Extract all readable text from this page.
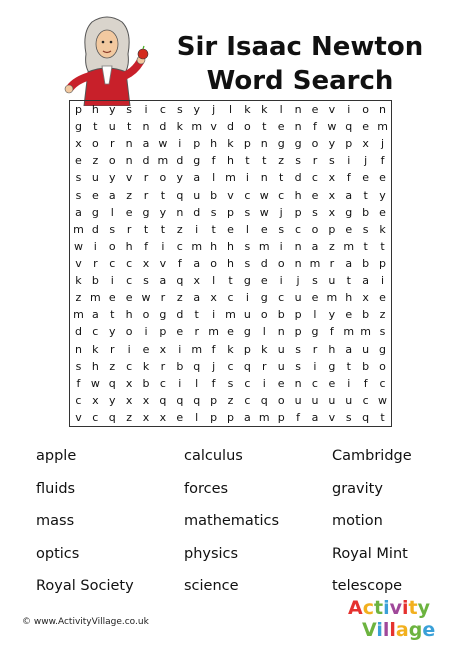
Sir Isaac Newton
Word Search
p h y s	i	c	s y	j	l	k k	l	n e v	i	o n
g	t	u	t	n d k m v d o	t	e n	f w q e m
x o	r	n a w i	p h k p n g g o y p x	j
e z o n d m d g	f	h	t	t	z	s	r	s	i	j	f
s u y v	r	o y a	l m i	n	t	d c x	f	e e
s e a z	r	t	q u b v c w c h e x a	t	y
a g	l	e g y n d s p s w j	p s x g b e
m d s	r	t	t	z	i	t	e	l	e s c o p e s k
w i	o h	f	i	c m h h s m i	n a z m t	t
v	r	c c x v	f	a o h s d o n m r	a b p
k b	i	c	s a q x	l	t	g e	i	j	s u	t	a	i
z m e e w r	z a x c	i	g c u e m h x e
m a	t	h o g d	t	i m u o b p	l	y e b z
d c y o	i	p e	r m e g	l	n p g	f m m s
n k	r	i	e x	i m f	k p k u s	r	h a u g
s h z c k	r	b q	j	c q	r	u s	i	g	t	b o
f w q x b c	i	l	f	s c	i	e n c e	i	f	c
c x y x x q q q p z c q o u u u u c w
v c q z x x e	l	p p a m p	f	a v s q	t
apple	calculus	Cambridge
fluids	forces	gravity
mass	mathematics	motion
optics	physics	Royal Mint
Royal Society	science	telescope
© www.ActivityVillage.co.uk
Activity
Village
